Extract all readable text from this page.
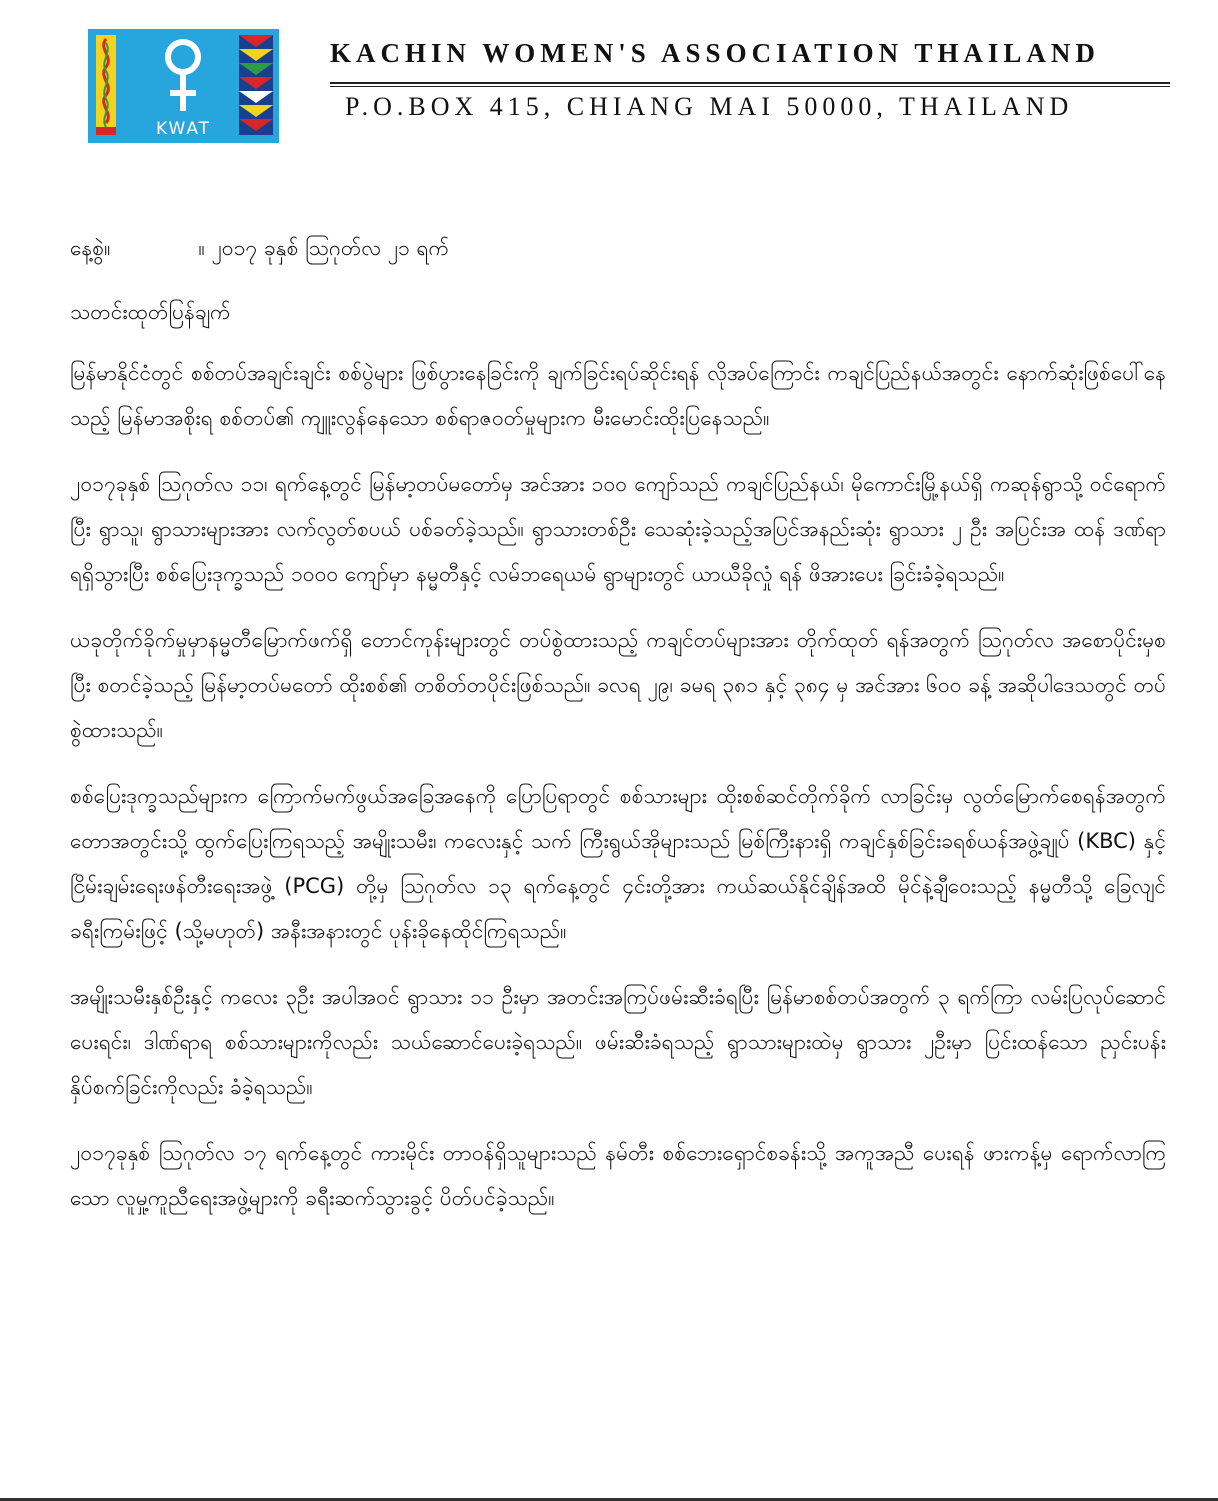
KWAT
KACHIN WOMEN'S ASSOCIATION THAILAND
P.O.BOX 415, CHIANG MAI 50000, THAILAND
နေ့စွဲ။	။ ၂၀၁၇ ခုနှစ် ဩဂုတ်လ ၂၁ ရက်
သတင်းထုတ်ပြန်ချက်

မြန်မာနိုင်ငံတွင် စစ်တပ်အချင်းချင်း စစ်ပွဲများ ဖြစ်ပွားနေခြင်းကို ချက်ခြင်းရပ်ဆိုင်းရန် လိုအပ်ကြောင်း ကချင်ပြည်နယ်အတွင်း နောက်ဆုံးဖြစ်ပေါ်နေသည့် မြန်မာအစိုးရ စစ်တပ်၏ ကျူးလွန်နေသော စစ်ရာဇဝတ်မှုများက မီးမောင်းထိုးပြနေသည်။

၂၀၁၇ခုနှစ် ဩဂုတ်လ ၁၁၊ ရက်နေ့တွင် မြန်မာ့တပ်မတော်မှ အင်အား ၁၀၀ ကျော်သည် ကချင်ပြည်နယ်၊ မိုကောင်းမြို့နယ်ရှိ ကဆုန်ရွာသို့ ဝင်ရောက်ပြီး ရွာသူ၊ ရွာသားများအား လက်လွတ်စပယ် ပစ်ခတ်ခဲ့သည်။ ရွာသားတစ်ဦး သေဆုံးခဲ့သည့်အပြင်အနည်းဆုံး ရွာသား ၂ ဦး အပြင်းအ ထန် ဒဏ်ရာရရှိသွားပြီး စစ်ပြေးဒုက္ခသည် ၁၀၀၀ ကျော်မှာ နမ္မတီနှင့် လမ်ဘရေယမ် ရွာများတွင် ယာယီခိုလှုံ ရန် ဖိအားပေး ခြင်းခံခဲ့ရသည်။

ယခုတိုက်ခိုက်မှုမှာနမ္မတီမြောက်ဖက်ရှိ တောင်ကုန်းများတွင် တပ်စွဲထားသည့် ကချင်တပ်များအား တိုက်ထုတ် ရန်အတွက် ဩဂုတ်လ အစောပိုင်းမှစပြီး စတင်ခဲ့သည့် မြန်မာ့တပ်မတော် ထိုးစစ်၏ တစိတ်တပိုင်းဖြစ်သည်။ ခလရ ၂၉၊ ခမရ ၃၈၁ နှင့် ၃၈၄ မှ အင်အား ၆၀၀ ခန့် အဆိုပါဒေသတွင် တပ်စွဲထားသည်။

စစ်ပြေးဒုက္ခသည်များက ကြောက်မက်ဖွယ်အခြေအနေကို ပြောပြရာတွင် စစ်သားများ ထိုးစစ်ဆင်တိုက်ခိုက် လာခြင်းမှ လွတ်မြောက်စေရန်အတွက် တောအတွင်းသို့ ထွက်ပြေးကြရသည့် အမျိုးသမီး၊ ကလေးနှင့် သက် ကြီးရွယ်အိုများသည် မြစ်ကြီးနားရှိ ကချင်နှစ်ခြင်းခရစ်ယန်အဖွဲ့ချုပ် (KBC) နှင့် ငြိမ်းချမ်းရေးဖန်တီးရေးအဖွဲ့ (PCG) တို့မှ ဩဂုတ်လ ၁၃ ရက်နေ့တွင် ၄င်းတို့အား ကယ်ဆယ်နိုင်ချိန်အထိ မိုင်နဲ့ချီဝေးသည့် နမ္မတီသို့ ခြေလျင်ခရီးကြမ်းဖြင့် (သို့မဟုတ်) အနီးအနားတွင် ပုန်းခိုနေထိုင်ကြရသည်။

အမျိုးသမီးနှစ်ဦးနှင့် ကလေး ၃ဦး အပါအဝင် ရွာသား ၁၁ ဦးမှာ အတင်းအကြပ်ဖမ်းဆီးခံရပြီး မြန်မာစစ်တပ်အတွက် ၃ ရက်ကြာ လမ်းပြလုပ်ဆောင်ပေးရင်း၊ ဒါဏ်ရာရ စစ်သားများကိုလည်း သယ်ဆောင်ပေးခဲ့ရသည်။ ဖမ်းဆီးခံရသည့် ရွာသားများထဲမှ ရွာသား ၂ဦးမှာ ပြင်းထန်သော ညှင်းပန်းနှိပ်စက်ခြင်းကိုလည်း ခံခဲ့ရသည်။

၂၀၁၇ခုနှစ် ဩဂုတ်လ ၁၇ ရက်နေ့တွင် ကားမိုင်း တာဝန်ရှိသူများသည် နမ်တီး စစ်ဘေးရှောင်စခန်းသို့ အကူအညီ ပေးရန် ဖားကန့်မှ ရောက်လာကြသော လူမှု့ကူညီရေးအဖွဲ့များကို ခရီးဆက်သွားခွင့် ပိတ်ပင်ခဲ့သည်။
